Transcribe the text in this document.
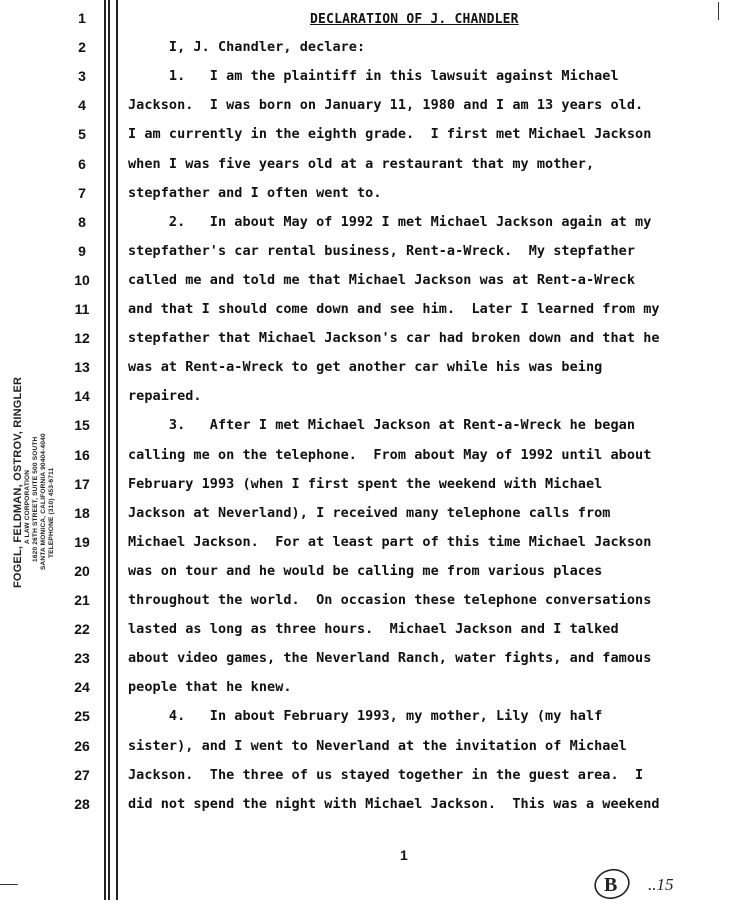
FOGEL, FELDMAN, OSTROV, RINGLER A LAW CORPORATION 1620 26TH STREET, SUITE 500 SOUTH SANTA MONICA, CALIFORNIA 90404-4040 TELEPHONE (310) 453-6711
DECLARATION OF J. CHANDLER
1
2	I, J. Chandler, declare:
3	1.   I am the plaintiff in this lawsuit against Michael
4	Jackson.  I was born on January 11, 1980 and I am 13 years old.
5	I am currently in the eighth grade.  I first met Michael Jackson
6	when I was five years old at a restaurant that my mother,
7	stepfather and I often went to.
8	2.   In about May of 1992 I met Michael Jackson again at my
9	stepfather's car rental business, Rent-a-Wreck.  My stepfather
10	called me and told me that Michael Jackson was at Rent-a-Wreck
11	and that I should come down and see him.  Later I learned from my
12	stepfather that Michael Jackson's car had broken down and that he
13	was at Rent-a-Wreck to get another car while his was being
14	repaired.
15	3.   After I met Michael Jackson at Rent-a-Wreck he began
16	calling me on the telephone.  From about May of 1992 until about
17	February 1993 (when I first spent the weekend with Michael
18	Jackson at Neverland), I received many telephone calls from
19	Michael Jackson.  For at least part of this time Michael Jackson
20	was on tour and he would be calling me from various places
21	throughout the world.  On occasion these telephone conversations
22	lasted as long as three hours.  Michael Jackson and I talked
23	about video games, the Neverland Ranch, water fights, and famous
24	people that he knew.
25	4.   In about February 1993, my mother, Lily (my half
26	sister), and I went to Neverland at the invitation of Michael
27	Jackson.  The three of us stayed together in the guest area.  I
28	did not spend the night with Michael Jackson.  This was a weekend
1
B ..15
